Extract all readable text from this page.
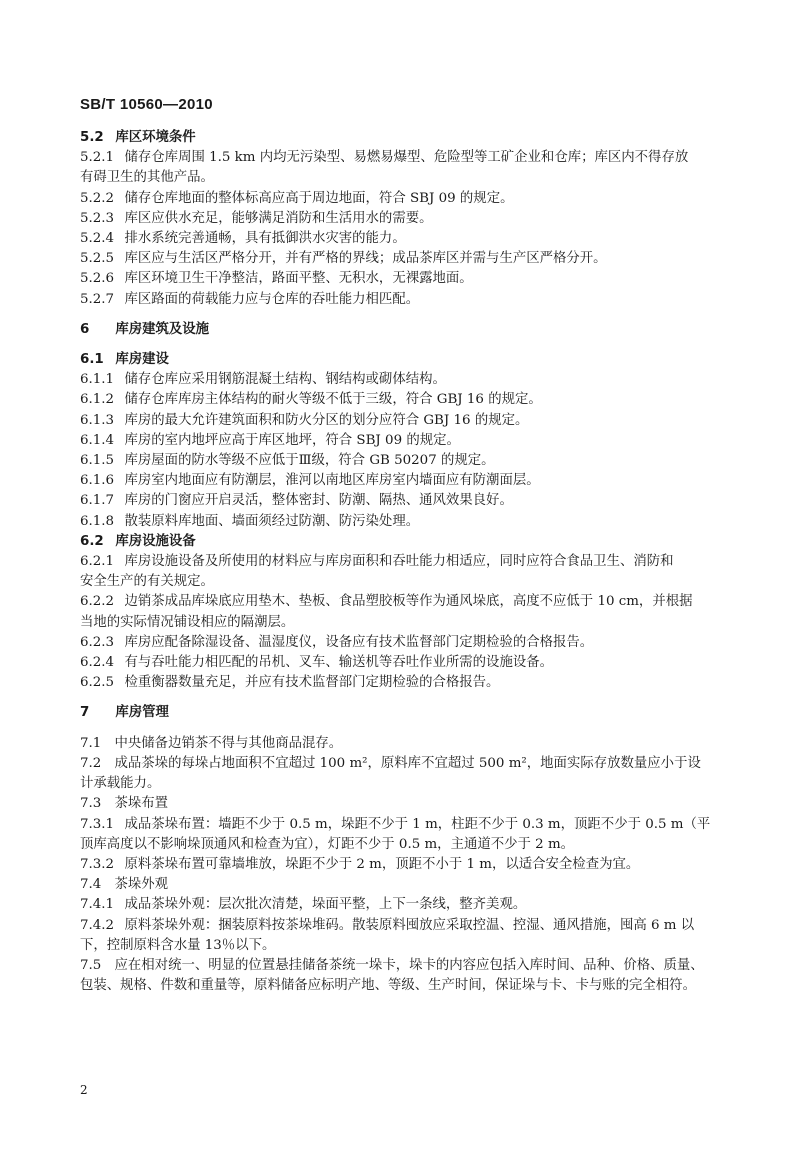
SB/T 10560—2010
5.2 库区环境条件
5.2.1 储存仓库周围 1.5 km 内均无污染型、易燃易爆型、危险型等工矿企业和仓库；库区内不得存放
有碍卫生的其他产品。
5.2.2 储存仓库地面的整体标高应高于周边地面，符合 SBJ 09 的规定。
5.2.3 库区应供水充足，能够满足消防和生活用水的需要。
5.2.4 排水系统完善通畅，具有抵御洪水灾害的能力。
5.2.5 库区应与生活区严格分开，并有严格的界线；成品茶库区并需与生产区严格分开。
5.2.6 库区环境卫生干净整洁，路面平整、无积水，无裸露地面。
5.2.7 库区路面的荷载能力应与仓库的吞吐能力相匹配。
6 库房建筑及设施
6.1 库房建设
6.1.1 储存仓库应采用钢筋混凝土结构、钢结构或砌体结构。
6.1.2 储存仓库库房主体结构的耐火等级不低于三级，符合 GBJ 16 的规定。
6.1.3 库房的最大允许建筑面积和防火分区的划分应符合 GBJ 16 的规定。
6.1.4 库房的室内地坪应高于库区地坪，符合 SBJ 09 的规定。
6.1.5 库房屋面的防水等级不应低于Ⅲ级，符合 GB 50207 的规定。
6.1.6 库房室内地面应有防潮层，淮河以南地区库房室内墙面应有防潮面层。
6.1.7 库房的门窗应开启灵活，整体密封、防潮、隔热、通风效果良好。
6.1.8 散装原料库地面、墙面须经过防潮、防污染处理。
6.2 库房设施设备
6.2.1 库房设施设备及所使用的材料应与库房面积和吞吐能力相适应，同时应符合食品卫生、消防和
安全生产的有关规定。
6.2.2 边销茶成品库垛底应用垫木、垫板、食品塑胶板等作为通风垛底，高度不应低于 10 cm，并根据
当地的实际情况铺设相应的隔潮层。
6.2.3 库房应配备除湿设备、温湿度仪，设备应有技术监督部门定期检验的合格报告。
6.2.4 有与吞吐能力相匹配的吊机、叉车、输送机等吞吐作业所需的设施设备。
6.2.5 检重衡器数量充足，并应有技术监督部门定期检验的合格报告。
7 库房管理
7.1 中央储备边销茶不得与其他商品混存。
7.2 成品茶垛的每垛占地面积不宜超过 100 m²，原料库不宜超过 500 m²，地面实际存放数量应小于设
计承载能力。
7.3 茶垛布置
7.3.1 成品茶垛布置：墙距不少于 0.5 m，垛距不少于 1 m，柱距不少于 0.3 m，顶距不少于 0.5 m（平
顶库高度以不影响垛顶通风和检查为宜），灯距不少于 0.5 m，主通道不少于 2 m。
7.3.2 原料茶垛布置可靠墙堆放，垛距不少于 2 m，顶距不小于 1 m，以适合安全检查为宜。
7.4 茶垛外观
7.4.1 成品茶垛外观：层次批次清楚，垛面平整，上下一条线，整齐美观。
7.4.2 原料茶垛外观：捆装原料按茶垛堆码。散装原料囤放应采取控温、控湿、通风措施，囤高 6 m 以
下，控制原料含水量 13％以下。
7.5 应在相对统一、明显的位置悬挂储备茶统一垛卡，垛卡的内容应包括入库时间、品种、价格、质量、
包装、规格、件数和重量等，原料储备应标明产地、等级、生产时间，保证垛与卡、卡与账的完全相符。
2
